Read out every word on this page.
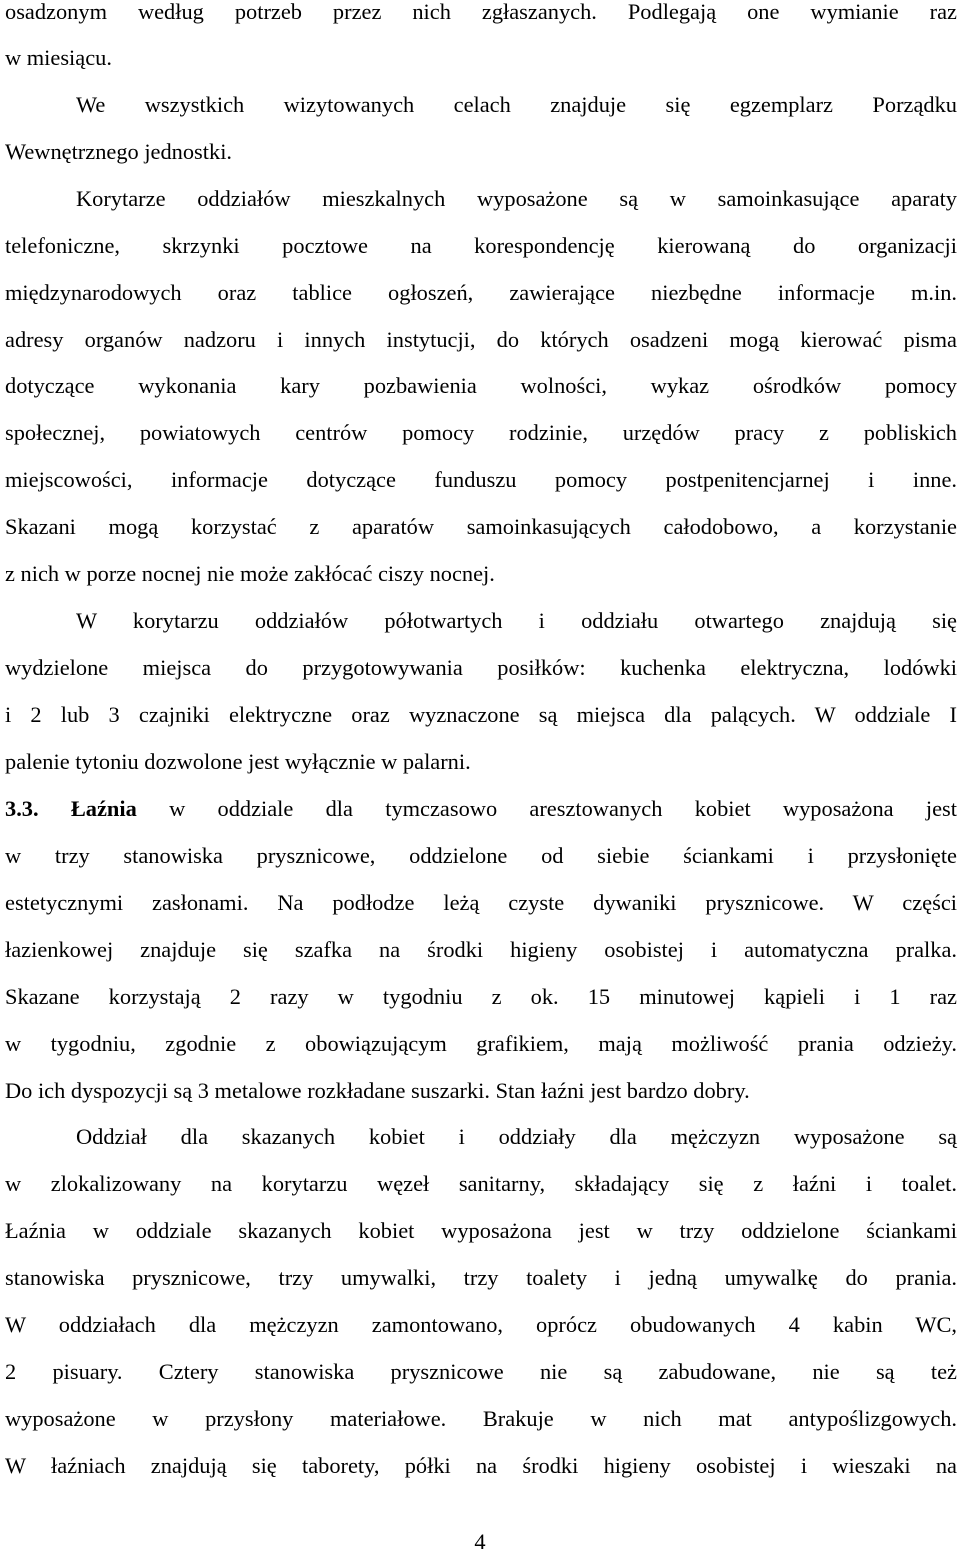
osadzonym według potrzeb przez nich zgłaszanych. Podlegają one wymianie raz
w miesiącu.
We wszystkich wizytowanych celach znajduje się egzemplarz Porządku
Wewnętrznego jednostki.
Korytarze oddziałów mieszkalnych wyposażone są w samoinkasujące aparaty
telefoniczne, skrzynki pocztowe na korespondencję kierowaną do organizacji
międzynarodowych oraz tablice ogłoszeń, zawierające niezbędne informacje m.in.
adresy organów nadzoru i innych instytucji, do których osadzeni mogą kierować pisma
dotyczące wykonania kary pozbawienia wolności, wykaz ośrodków pomocy
społecznej, powiatowych centrów pomocy rodzinie, urzędów pracy z pobliskich
miejscowości, informacje dotyczące funduszu pomocy postpenitencjarnej i inne.
Skazani mogą korzystać z aparatów samoinkasujących całodobowo, a korzystanie
z nich w porze nocnej nie może zakłócać ciszy nocnej.
W korytarzu oddziałów półotwartych i oddziału otwartego znajdują się
wydzielone miejsca do przygotowywania posiłków: kuchenka elektryczna, lodówki
i 2 lub 3 czajniki elektryczne oraz wyznaczone są miejsca dla palących. W oddziale I
palenie tytoniu dozwolone jest wyłącznie w palarni.
3.3. Łaźnia w oddziale dla tymczasowo aresztowanych kobiet wyposażona jest
w trzy stanowiska prysznicowe, oddzielone od siebie ściankami i przysłonięte
estetycznymi zasłonami. Na podłodze leżą czyste dywaniki prysznicowe. W części
łazienkowej znajduje się szafka na środki higieny osobistej i automatyczna pralka.
Skazane korzystają 2 razy w tygodniu z ok. 15 minutowej kąpieli i 1 raz
w tygodniu, zgodnie z obowiązującym grafikiem, mają możliwość prania odzieży.
Do ich dyspozycji są 3 metalowe rozkładane suszarki. Stan łaźni jest bardzo dobry.
Oddział dla skazanych kobiet i oddziały dla mężczyzn wyposażone są
w zlokalizowany na korytarzu węzeł sanitarny, składający się z łaźni i toalet.
Łaźnia w oddziale skazanych kobiet wyposażona jest w trzy oddzielone ściankami
stanowiska prysznicowe, trzy umywalki, trzy toalety i jedną umywalkę do prania.
W oddziałach dla mężczyzn zamontowano, oprócz obudowanych 4 kabin WC,
2 pisuary. Cztery stanowiska prysznicowe nie są zabudowane, nie są też
wyposażone w przysłony materiałowe. Brakuje w nich mat antypoślizgowych.
W łaźniach znajdują się taborety, półki na środki higieny osobistej i wieszaki na
4
